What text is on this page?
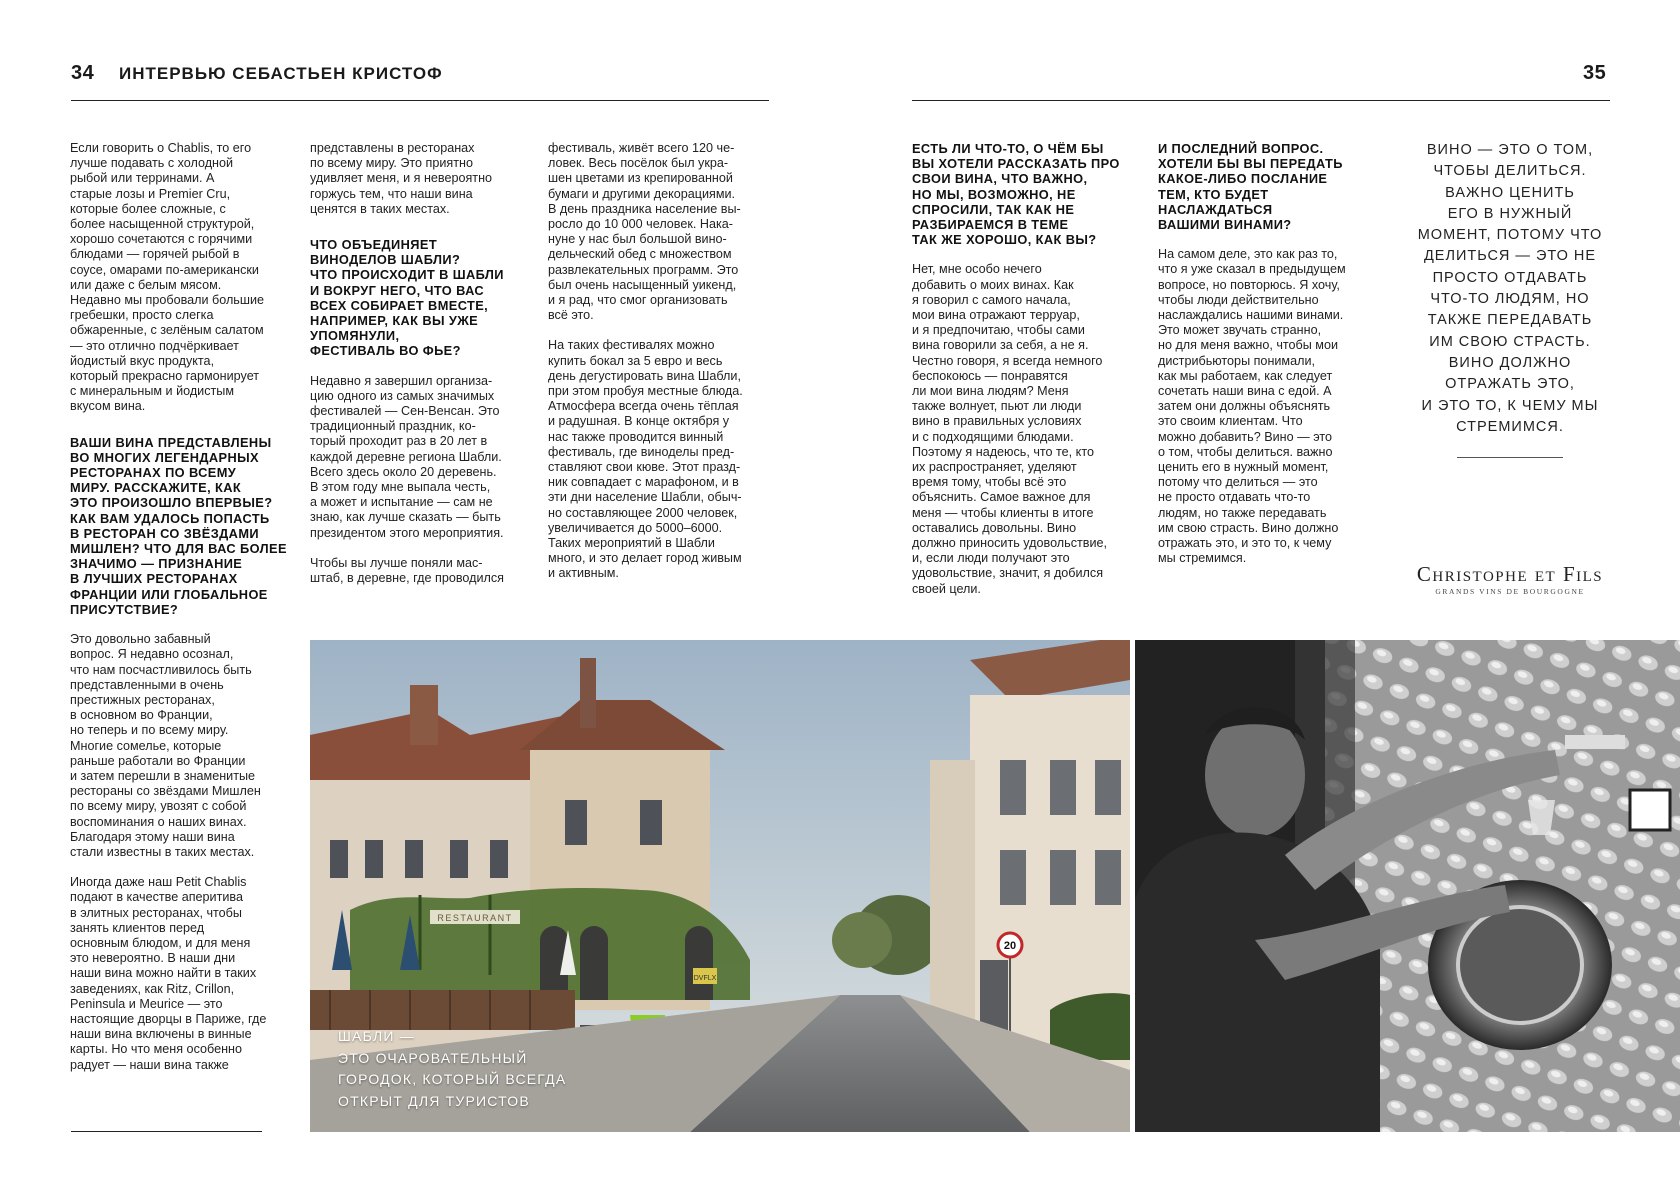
34 ИНТЕРВЬЮ СЕБАСТЬЕН КРИСТОФ	35

Если говорить о Chablis, то его
лучше подавать с холодной
рыбой или терринами. А
старые лозы и Premier Cru,
которые более сложные, с
более насыщенной структурой,
хорошо сочетаются с горячими
блюдами — горячей рыбой в
соусе, омарами по-американски
или даже с белым мясом.
Недавно мы пробовали большие
гребешки, просто слегка
обжаренные, с зелёным салатом
— это отлично подчёркивает
йодистый вкус продукта,
который прекрасно гармонирует
с минеральным и йодистым
вкусом вина.

ВАШИ ВИНА ПРЕДСТАВЛЕНЫ
ВО МНОГИХ ЛЕГЕНДАРНЫХ
РЕСТОРАНАХ ПО ВСЕМУ
МИРУ. РАССКАЖИТЕ, КАК
ЭТО ПРОИЗОШЛО ВПЕРВЫЕ?
КАК ВАМ УДАЛОСЬ ПОПАСТЬ
В РЕСТОРАН СО ЗВЁЗДАМИ
МИШЛЕН? ЧТО ДЛЯ ВАС БОЛЕЕ
ЗНАЧИМО — ПРИЗНАНИЕ
В ЛУЧШИХ РЕСТОРАНАХ
ФРАНЦИИ ИЛИ ГЛОБАЛЬНОЕ
ПРИСУТСТВИЕ?

Это довольно забавный
вопрос. Я недавно осознал,
что нам посчастливилось быть
представленными в очень
престижных ресторанах,
в основном во Франции,
но теперь и по всему миру.
Многие сомелье, которые
раньше работали во Франции
и затем перешли в знаменитые
рестораны со звёздами Мишлен
по всему миру, увозят с собой
воспоминания о наших винах.
Благодаря этому наши вина
стали известны в таких местах.

Иногда даже наш Petit Chablis
подают в качестве аперитива
в элитных ресторанах, чтобы
занять клиентов перед
основным блюдом, и для меня
это невероятно. В наши дни
наши вина можно найти в таких
заведениях, как Ritz, Crillon,
Peninsula и Meurice — это
настоящие дворцы в Париже, где
наши вина включены в винные
карты. Но что меня особенно
радует — наши вина также

представлены в ресторанах
по всему миру. Это приятно
удивляет меня, и я невероятно
горжусь тем, что наши вина
ценятся в таких местах.

ЧТО ОБЪЕДИНЯЕТ
ВИНОДЕЛОВ ШАБЛИ?
ЧТО ПРОИСХОДИТ В ШАБЛИ
И ВОКРУГ НЕГО, ЧТО ВАС
ВСЕХ СОБИРАЕТ ВМЕСТЕ,
НАПРИМЕР, КАК ВЫ УЖЕ
УПОМЯНУЛИ,
ФЕСТИВАЛЬ ВО ФЬЕ?

Недавно я завершил организа-
цию одного из самых значимых
фестивалей — Сен-Венсан. Это
традиционный праздник, ко-
торый проходит раз в 20 лет в
каждой деревне региона Шабли.
Всего здесь около 20 деревень.
В этом году мне выпала честь,
а может и испытание — сам не
знаю, как лучше сказать — быть
президентом этого мероприятия.

Чтобы вы лучше поняли мас-
штаб, в деревне, где проводился

фестиваль, живёт всего 120 че-
ловек. Весь посёлок был укра-
шен цветами из крепированной
бумаги и другими декорациями.
В день праздника население вы-
росло до 10 000 человек. Нака-
нуне у нас был большой вино-
дельческий обед с множеством
развлекательных программ. Это
был очень насыщенный уикенд,
и я рад, что смог организовать
всё это.

На таких фестивалях можно
купить бокал за 5 евро и весь
день дегустировать вина Шабли,
при этом пробуя местные блюда.
Атмосфера всегда очень тёплая
и радушная. В конце октября у
нас также проводится винный
фестиваль, где виноделы пред-
ставляют свои кюве. Этот празд-
ник совпадает с марафоном, и в
эти дни население Шабли, обыч-
но составляющее 2000 человек,
увеличивается до 5000–6000.
Таких мероприятий в Шабли
много, и это делает город живым
и активным.

ЕСТЬ ЛИ ЧТО-ТО, О ЧЁМ БЫ
ВЫ ХОТЕЛИ РАССКАЗАТЬ ПРО
СВОИ ВИНА, ЧТО ВАЖНО,
НО МЫ, ВОЗМОЖНО, НЕ
СПРОСИЛИ, ТАК КАК НЕ
РАЗБИРАЕМСЯ В ТЕМЕ
ТАК ЖЕ ХОРОШО, КАК ВЫ?

Нет, мне особо нечего
добавить о моих винах. Как
я говорил с самого начала,
мои вина отражают терруар,
и я предпочитаю, чтобы сами
вина говорили за себя, а не я.
Честно говоря, я всегда немного
беспокоюсь — понравятся
ли мои вина людям? Меня
также волнует, пьют ли люди
вино в правильных условиях
и с подходящими блюдами.
Поэтому я надеюсь, что те, кто
их распространяет, уделяют
время тому, чтобы всё это
объяснить. Самое важное для
меня — чтобы клиенты в итоге
оставались довольны. Вино
должно приносить удовольствие,
и, если люди получают это
удовольствие, значит, я добился
своей цели.

И ПОСЛЕДНИЙ ВОПРОС.
ХОТЕЛИ БЫ ВЫ ПЕРЕДАТЬ
КАКОЕ-ЛИБО ПОСЛАНИЕ
ТЕМ, КТО БУДЕТ
НАСЛАЖДАТЬСЯ
ВАШИМИ ВИНАМИ?

На самом деле, это как раз то,
что я уже сказал в предыдущем
вопросе, но повторюсь. Я хочу,
чтобы люди действительно
наслаждались нашими винами.
Это может звучать странно,
но для меня важно, чтобы мои
дистрибьюторы понимали,
как мы работаем, как следует
сочетать наши вина с едой. А
затем они должны объяснять
это своим клиентам. Что
можно добавить? Вино — это
о том, чтобы делиться. важно
ценить его в нужный момент,
потому что делиться — это
не просто отдавать что-то
людям, но также передавать
им свою страсть. Вино должно
отражать это, и это то, к чему
мы стремимся.

ВИНО — ЭТО О ТОМ,
ЧТОБЫ ДЕЛИТЬСЯ.
ВАЖНО ЦЕНИТЬ
ЕГО В НУЖНЫЙ
МОМЕНТ, ПОТОМУ ЧТО
ДЕЛИТЬСЯ — ЭТО НЕ
ПРОСТО ОТДАВАТЬ
ЧТО-ТО ЛЮДЯМ, НО
ТАКЖЕ ПЕРЕДАВАТЬ
ИМ СВОЮ СТРАСТЬ.
ВИНО ДОЛЖНО
ОТРАЖАТЬ ЭТО,
И ЭТО ТО, К ЧЕМУ МЫ
СТРЕМИМСЯ.
Christophe et Fils
GRANDS VINS DE BOURGOGNE
RESTAURANT
DVFLX
20
ШАБЛИ —
ЭТО ОЧАРОВАТЕЛЬНЫЙ
ГОРОДОК, КОТОРЫЙ ВСЕГДА
ОТКРЫТ ДЛЯ ТУРИСТОВ
